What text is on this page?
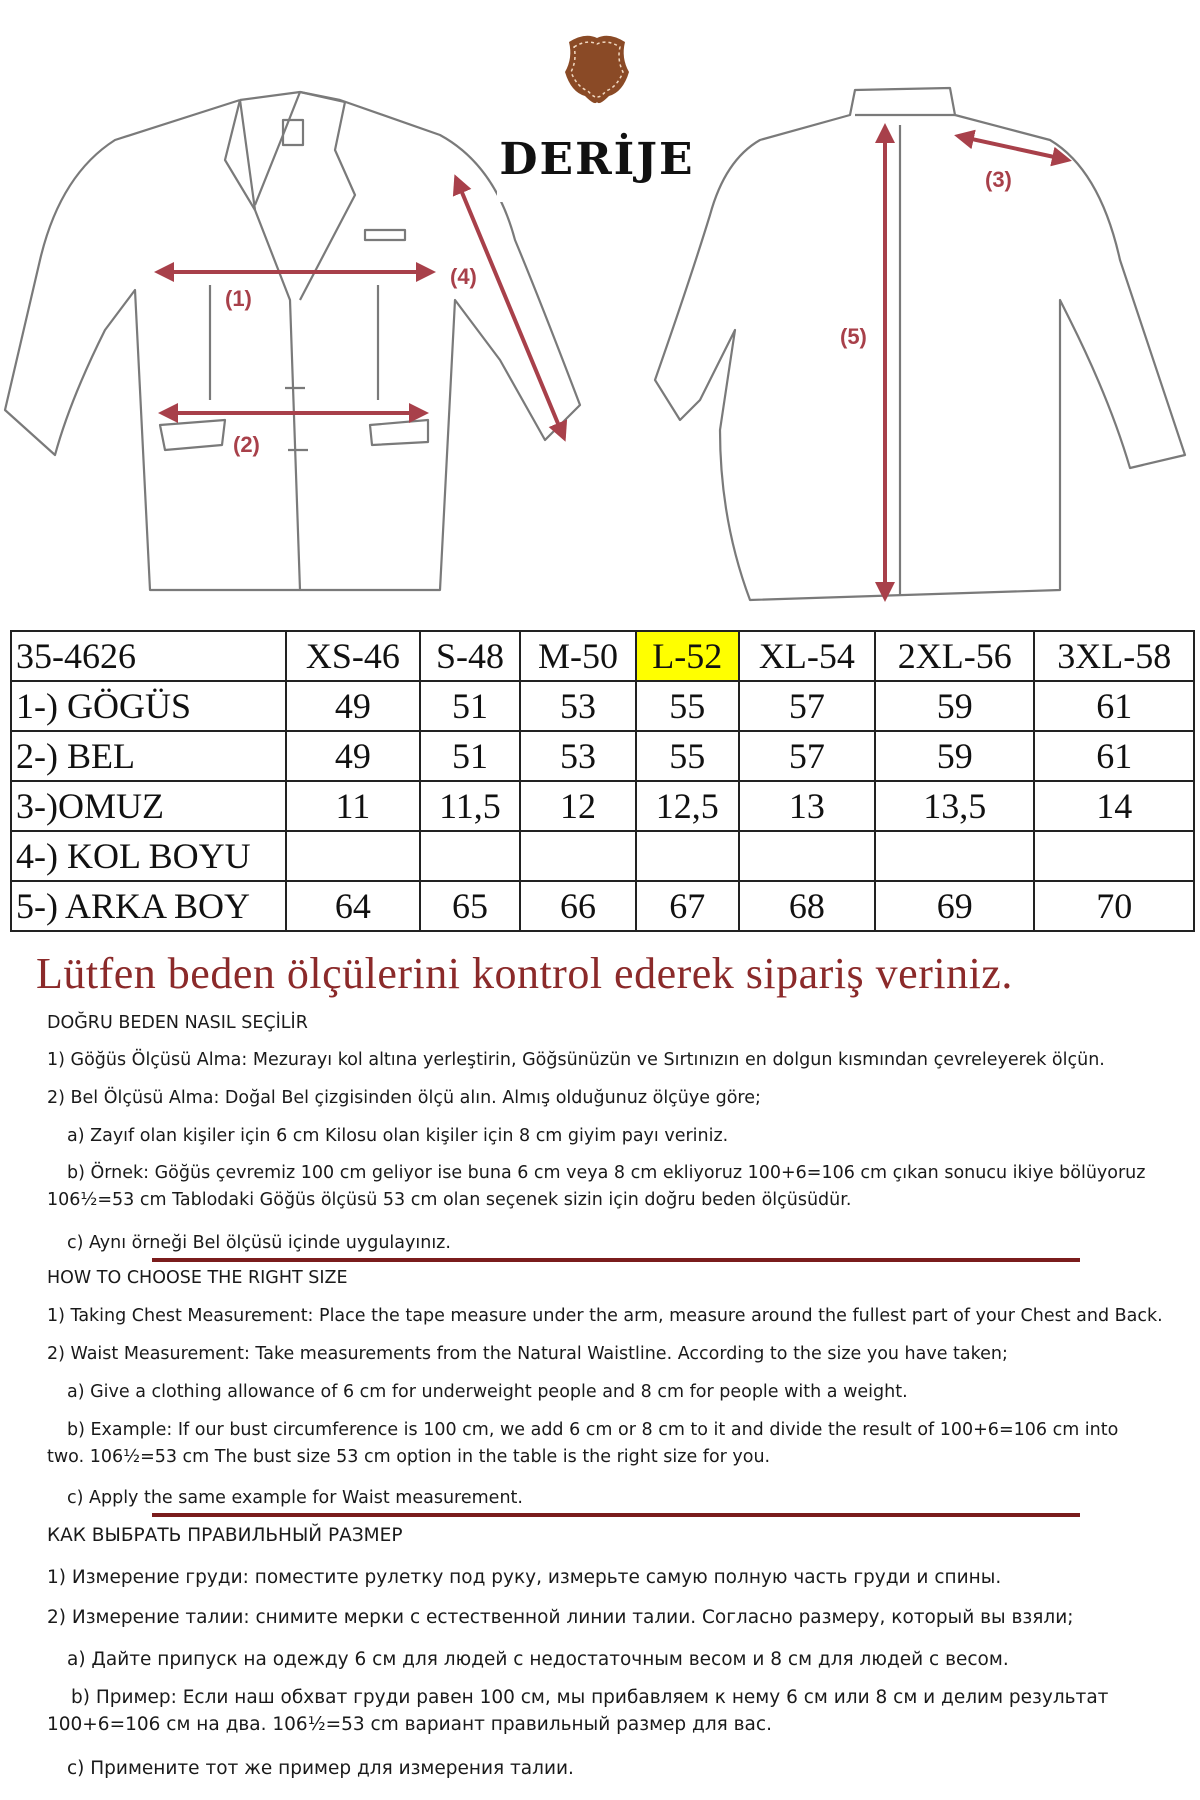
(1)
(2)
(4)
(5)
(3)
DERİJE
35-4626	XS-46	S-48	M-50	L-52	XL-54	2XL-56	3XL-58
1-) GÖGÜS	49	51	53	55	57	59	61
2-) BEL	49	51	53	55	57	59	61
3-)OMUZ	11	11,5	12	12,5	13	13,5	14
4-) KOL BOYU							
5-) ARKA BOY	64	65	66	67	68	69	70
Lütfen beden ölçülerini kontrol ederek sipariş veriniz.
DOĞRU BEDEN NASIL SEÇİLİR
1) Göğüs Ölçüsü Alma: Mezurayı kol altına yerleştirin, Göğsünüzün ve Sırtınızın en dolgun kısmından çevreleyerek ölçün.
2) Bel Ölçüsü Alma: Doğal Bel çizgisinden ölçü alın. Almış olduğunuz ölçüye göre;
a) Zayıf olan kişiler için 6 cm Kilosu olan kişiler için 8 cm giyim payı veriniz.
b) Örnek: Göğüs çevremiz 100 cm geliyor ise buna 6 cm veya 8 cm ekliyoruz 100+6=106 cm çıkan sonucu ikiye bölüyoruz 106½=53 cm Tablodaki Göğüs ölçüsü 53 cm olan seçenek sizin için doğru beden ölçüsüdür.
c) Aynı örneği Bel ölçüsü içinde uygulayınız.
HOW TO CHOOSE THE RIGHT SIZE
1) Taking Chest Measurement: Place the tape measure under the arm, measure around the fullest part of your Chest and Back.
2) Waist Measurement: Take measurements from the Natural Waistline. According to the size you have taken;
a) Give a clothing allowance of 6 cm for underweight people and 8 cm for people with a weight.
b) Example: If our bust circumference is 100 cm, we add 6 cm or 8 cm to it and divide the result of 100+6=106 cm into two. 106½=53 cm The bust size 53 cm option in the table is the right size for you.
c) Apply the same example for Waist measurement.
КАК ВЫБРАТЬ ПРАВИЛЬНЫЙ РАЗМЕР
1) Измерение груди: поместите рулетку под руку, измерьте самую полную часть груди и спины.
2) Измерение талии: снимите мерки с естественной линии талии. Согласно размеру, который вы взяли;
a) Дайте припуск на одежду 6 см для людей с недостаточным весом и 8 см для людей с весом.
b) Пример: Если наш обхват груди равен 100 см, мы прибавляем к нему 6 см или 8 см и делим результат 100+6=106 см на два. 106½=53 cm вариант правильный размер для вас.
c) Примените тот же пример для измерения талии.
